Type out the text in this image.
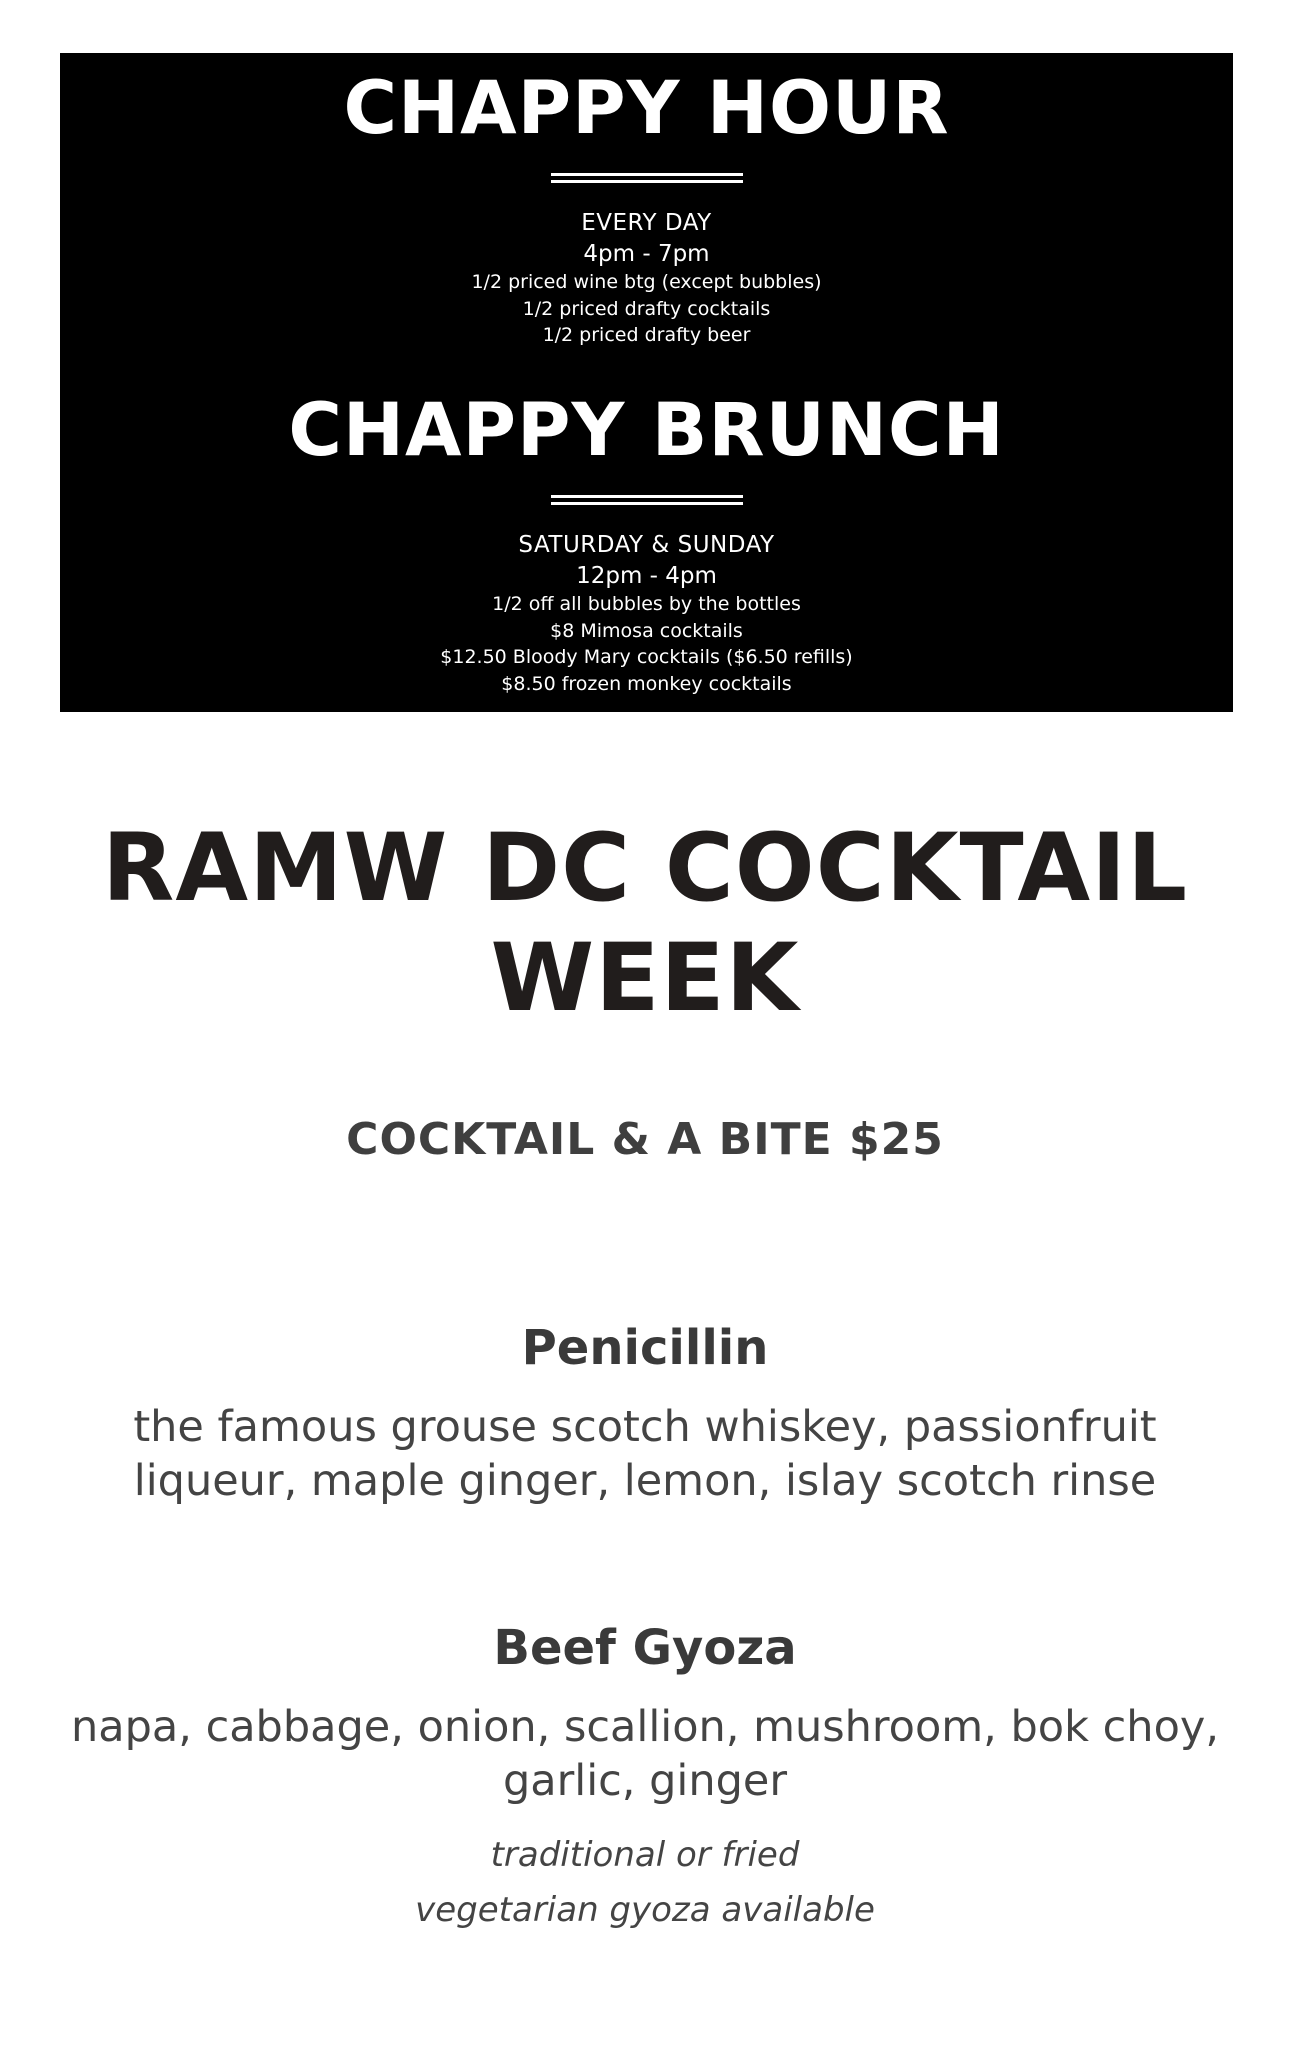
CHAPPY HOUR
EVERY DAY
4pm - 7pm
1/2 priced wine btg (except bubbles)
1/2 priced drafty cocktails
1/2 priced drafty beer
CHAPPY BRUNCH
SATURDAY & SUNDAY
12pm - 4pm
1/2 off all bubbles by the bottles
$8 Mimosa cocktails
$12.50 Bloody Mary cocktails ($6.50 refills)
$8.50 frozen monkey cocktails
RAMW DC COCKTAIL
WEEK
COCKTAIL & A BITE $25
Penicillin
the famous grouse scotch whiskey, passionfruit liqueur, maple ginger, lemon, islay scotch rinse
Beef Gyoza
napa, cabbage, onion, scallion, mushroom, bok choy, garlic, ginger
traditional or fried
vegetarian gyoza available
